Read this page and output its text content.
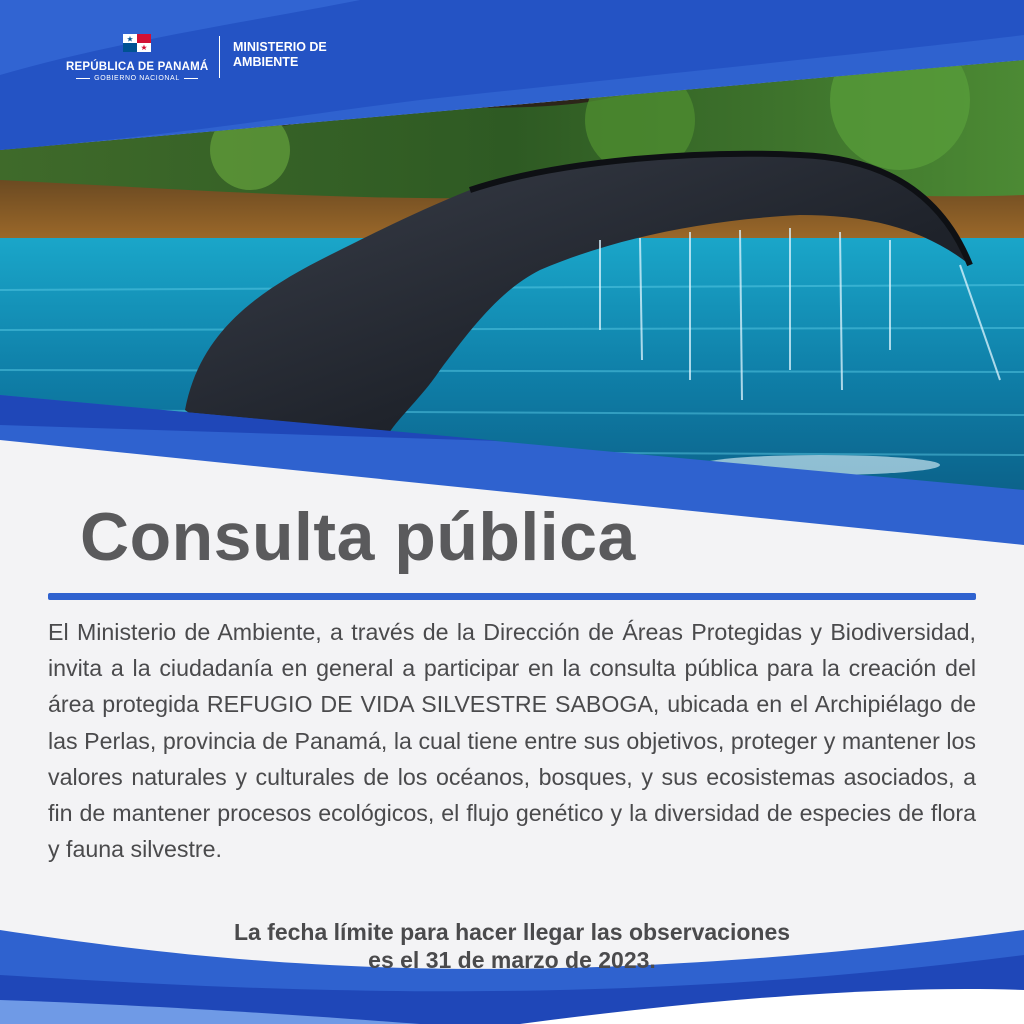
REPÚBLICA DE PANAMÁ
GOBIERNO NACIONAL
MINISTERIO DE
AMBIENTE
Consulta pública

El Ministerio de Ambiente, a través de la Dirección de Áreas Protegidas y Biodiversidad, invita a la ciudadanía en general a participar en la consulta pública para la creación del área protegida REFUGIO DE VIDA SILVESTRE SABOGA, ubicada en el Archipiélago de las Perlas, provincia de Panamá, la cual tiene entre sus objetivos, proteger y mantener los valores naturales y culturales de los océanos, bosques, y sus ecosistemas asociados, a fin de mantener procesos ecológicos, el flujo genético y la diversidad de especies de flora y fauna silvestre.

La fecha límite para hacer llegar las observaciones
es el 31 de marzo de 2023.
